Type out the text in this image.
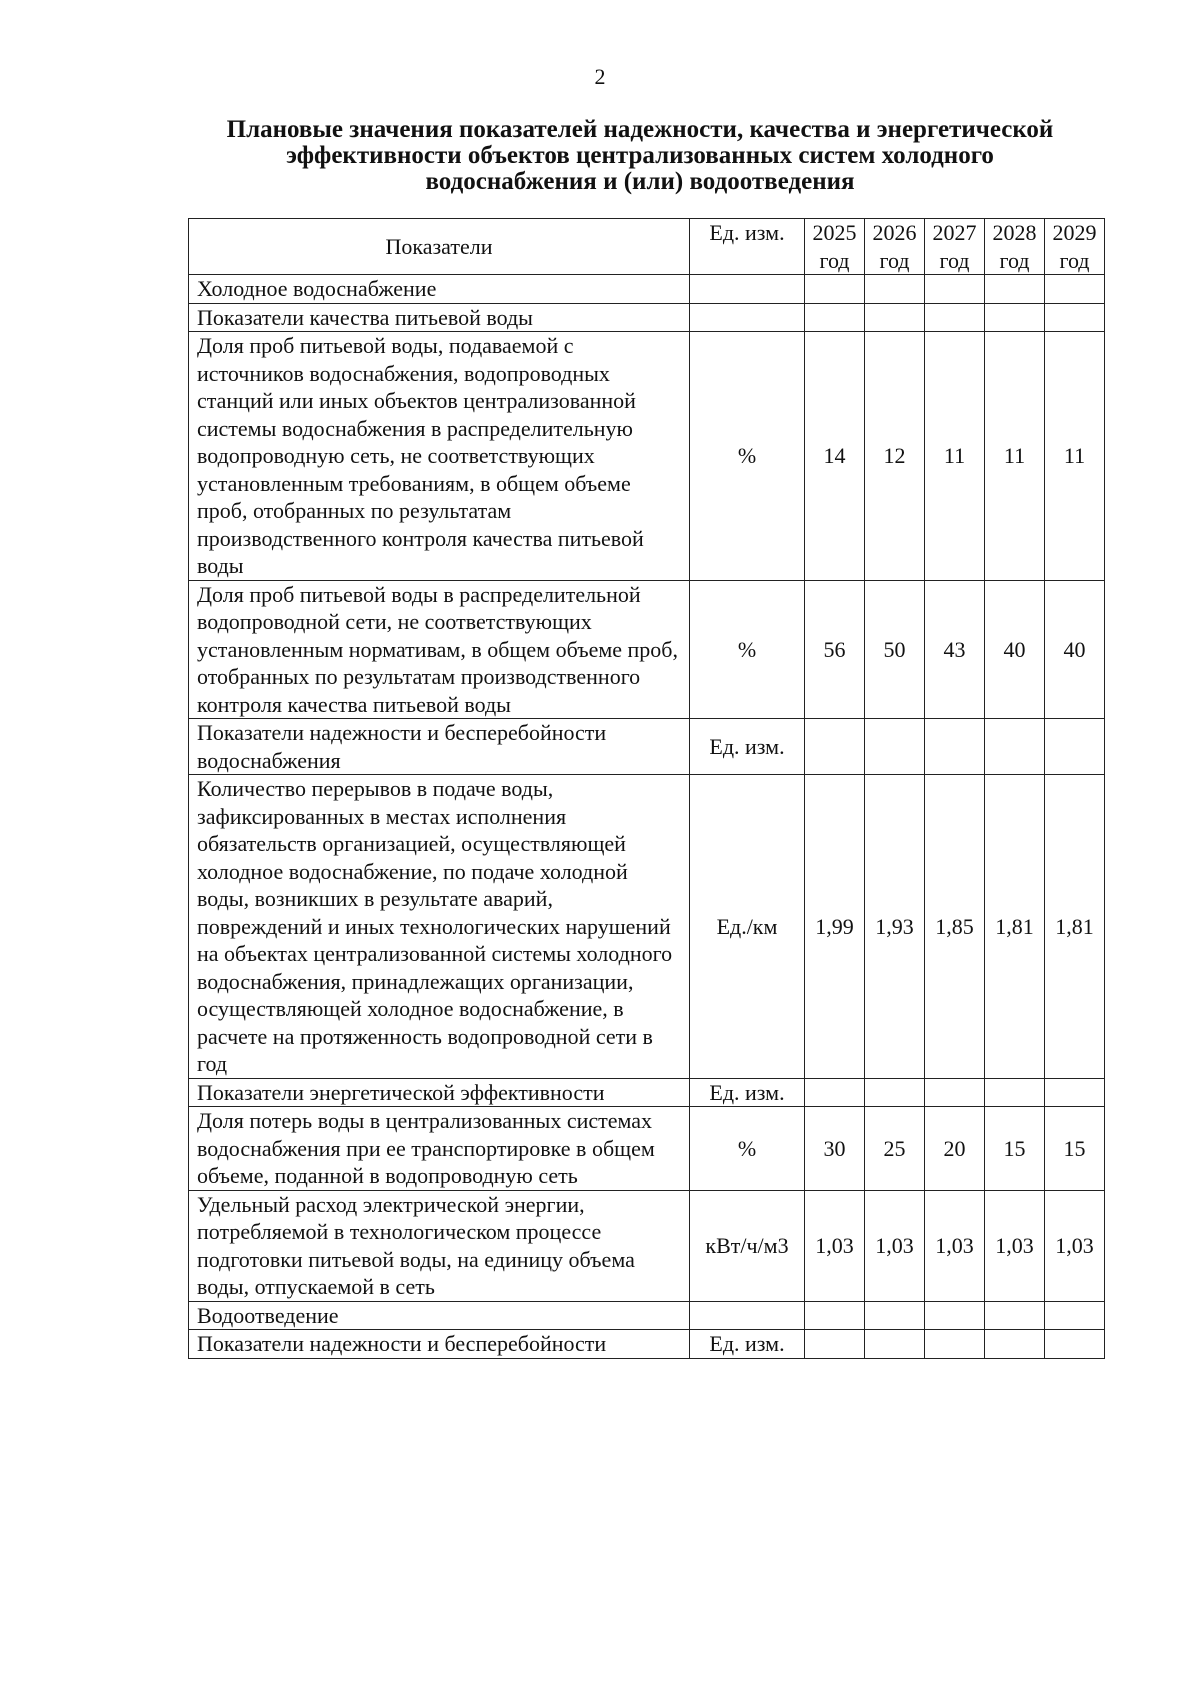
2
Плановые значения показателей надежности, качества и энергетической
эффективности объектов централизованных систем холодного
водоснабжения и (или) водоотведения
Показатели	Ед. изм.	2025 год	2026 год	2027 год	2028 год	2029 год
Холодное водоснабжение						
Показатели качества питьевой воды						
Доля проб питьевой воды, подаваемой с источников водоснабжения, водопроводных станций или иных объектов централизованной системы водоснабжения в распределительную водопроводную сеть, не соответствующих установленным требованиям, в общем объеме проб, отобранных по результатам производственного контроля качества питьевой воды	%	14	12	11	11	11
Доля проб питьевой воды в распределительной водопроводной сети, не соответствующих установленным нормативам, в общем объеме проб, отобранных по результатам производственного контроля качества питьевой воды	%	56	50	43	40	40
Показатели надежности и бесперебойности водоснабжения	Ед. изм.					
Количество перерывов в подаче воды, зафиксированных в местах исполнения обязательств организацией, осуществляющей холодное водоснабжение, по подаче холодной воды, возникших в результате аварий, повреждений и иных технологических нарушений на объектах централизованной системы холодного водоснабжения, принадлежащих организации, осуществляющей холодное водоснабжение, в расчете на протяженность водопроводной сети в год	Ед./км	1,99	1,93	1,85	1,81	1,81
Показатели энергетической эффективности	Ед. изм.					
Доля потерь воды в централизованных системах водоснабжения при ее транспортировке в общем объеме, поданной в водопроводную сеть	%	30	25	20	15	15
Удельный расход электрической энергии, потребляемой в технологическом процессе подготовки питьевой воды, на единицу объема воды, отпускаемой в сеть	кВт/ч/м3	1,03	1,03	1,03	1,03	1,03
Водоотведение						
Показатели надежности и бесперебойности	Ед. изм.					
